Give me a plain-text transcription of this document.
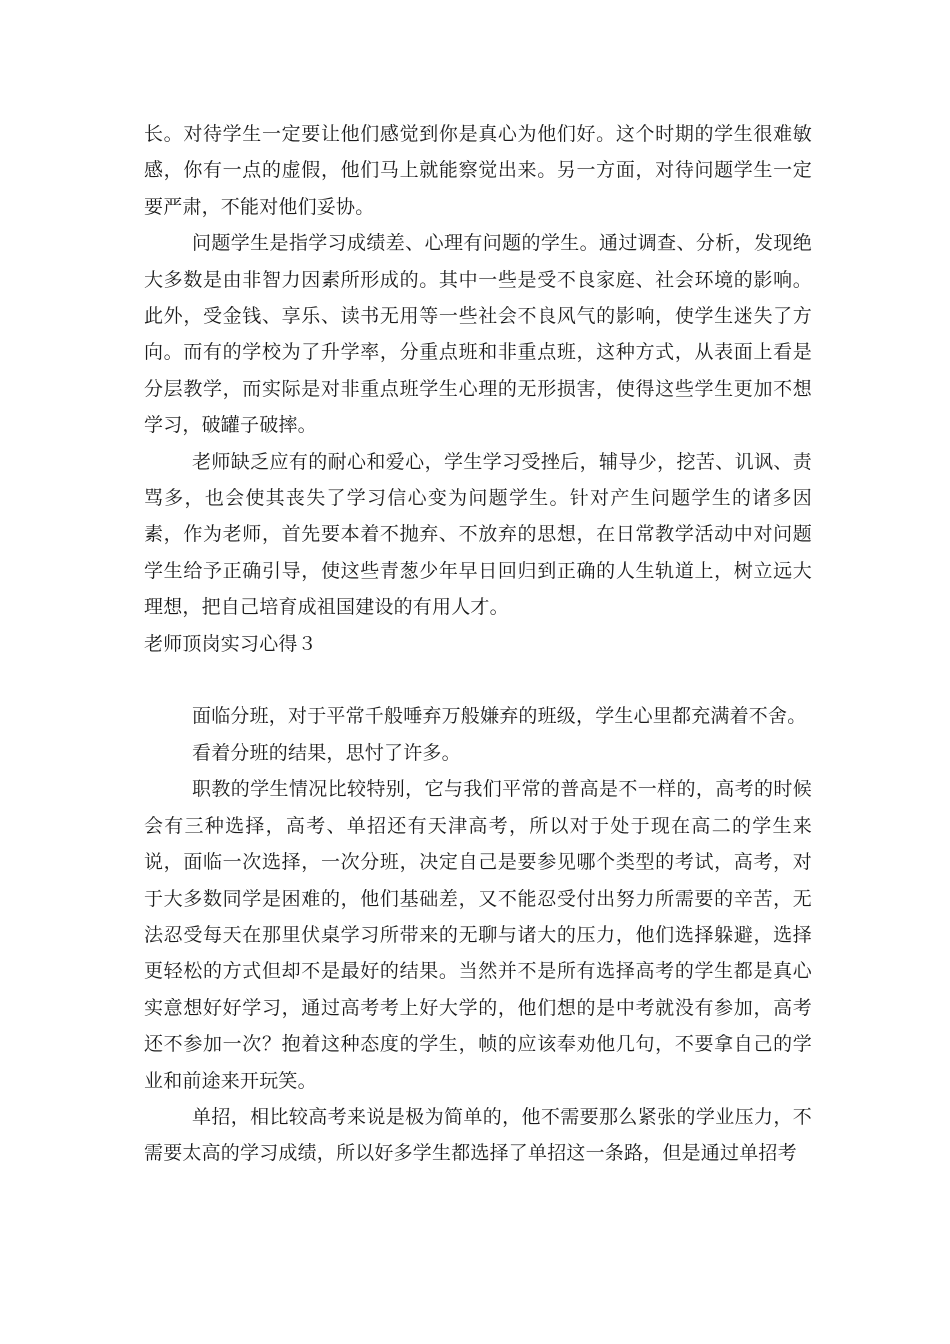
长。对待学生一定要让他们感觉到你是真心为他们好。这个时期的学生很难敏感，你有一点的虚假，他们马上就能察觉出来。另一方面，对待问题学生一定要严肃，不能对他们妥协。

问题学生是指学习成绩差、心理有问题的学生。通过调查、分析，发现绝大多数是由非智力因素所形成的。其中一些是受不良家庭、社会环境的影响。此外，受金钱、享乐、读书无用等一些社会不良风气的影响，使学生迷失了方向。而有的学校为了升学率，分重点班和非重点班，这种方式，从表面上看是分层教学，而实际是对非重点班学生心理的无形损害，使得这些学生更加不想学习，破罐子破摔。

老师缺乏应有的耐心和爱心，学生学习受挫后，辅导少，挖苦、讥讽、责骂多，也会使其丧失了学习信心变为问题学生。针对产生问题学生的诸多因素，作为老师，首先要本着不抛弃、不放弃的思想，在日常教学活动中对问题学生给予正确引导，使这些青葱少年早日回归到正确的人生轨道上，树立远大理想，把自己培育成祖国建设的有用人才。

老师顶岗实习心得３

面临分班，对于平常千般唾弃万般嫌弃的班级，学生心里都充满着不舍。

看着分班的结果，思忖了许多。

职教的学生情况比较特别，它与我们平常的普高是不一样的，高考的时候会有三种选择，高考、单招还有天津高考，所以对于处于现在高二的学生来说，面临一次选择，一次分班，决定自己是要参见哪个类型的考试，高考，对于大多数同学是困难的，他们基础差，又不能忍受付出努力所需要的辛苦，无法忍受每天在那里伏桌学习所带来的无聊与诸大的压力，他们选择躲避，选择更轻松的方式但却不是最好的结果。当然并不是所有选择高考的学生都是真心实意想好好学习，通过高考考上好大学的，他们想的是中考就没有参加，高考还不参加一次？抱着这种态度的学生，帧的应该奉劝他几句，不要拿自己的学业和前途来开玩笑。

单招，相比较高考来说是极为简单的，他不需要那么紧张的学业压力，不需要太高的学习成绩，所以好多学生都选择了单招这一条路，但是通过单招考
